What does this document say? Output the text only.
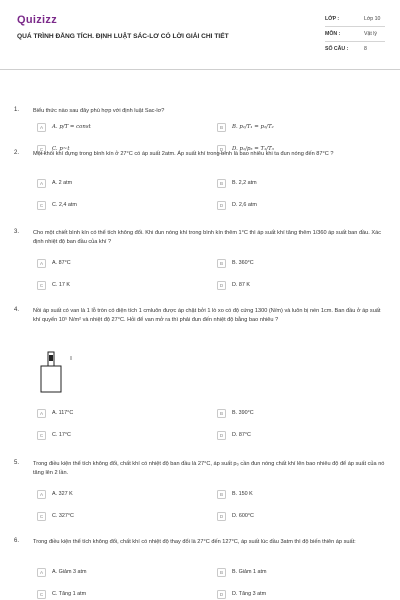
Quizizz
QUÁ TRÌNH ĐẲNG TÍCH. ĐỊNH LUẬT SÁC-LƠ CÓ LỜI GIẢI CHI TIẾT
LỚP :	Lớp 10
MÔN :	Vật lý
SỐ CÂU :	8
1. Biểu thức nào sau đây phù hợp với định luật Sac-lơ?
A	A. p/T = const	B	B. p₁/T₁ = p₂/T₂
C	C. p~t	D	D. p₁/p₃ = T₁/T₃
2. Một khối khí đựng trong bình kín ở 27°C có áp suất 2atm. Áp suất khí trong bình là bao nhiêu khi ta đun nóng đến 87°C ?
A	A. 2 atm	B	B. 2,2 atm
C	C. 2,4 atm	D	D. 2,6 atm
3. Cho một chiết bình kín có thể tích không đổi. Khi đun nóng khí trong bình kín thêm 1°C thì áp suất khí tăng thêm 1/360 áp suất ban đầu. Xác định nhiệt độ ban đầu của khí ?
A	A. 87°C	B	B. 360°C
C	C. 17 K	D	D. 87 K
4. Nồi áp suất có van là 1 lỗ tròn có diện tích 1 cmluôn được áp chặt bởi 1 lò xo có độ cứng 1300 (N/m) và luôn bị nén 1cm. Ban đầu ở áp suất khí quyển 10⁵ N/m² và nhiệt độ 27°C. Hỏi để van mở ra thì phải đun đến nhiệt độ bằng bao nhiêu ?
A	A. 117°C	B	B. 390°C
C	C. 17°C	D	D. 87°C
5. Trong điều kiện thể tích không đổi, chất khí có nhiệt độ ban đầu là 27°C, áp suất p₀ cần đun nóng chất khí lên bao nhiêu độ để áp suất của nó tăng lên 2 lần.
A	A. 327 K	B	B. 150 K
C	C. 327°C	D	D. 600°C
6. Trong điều kiện thể tích không đổi, chất khí có nhiệt độ thay đổi là 27°C đến 127°C, áp suất lúc đầu 3atm thì độ biến thiên áp suất:
A	A. Giảm 3 atm	B	B. Giảm 1 atm
C	C. Tăng 1 atm	D	D. Tăng 3 atm
